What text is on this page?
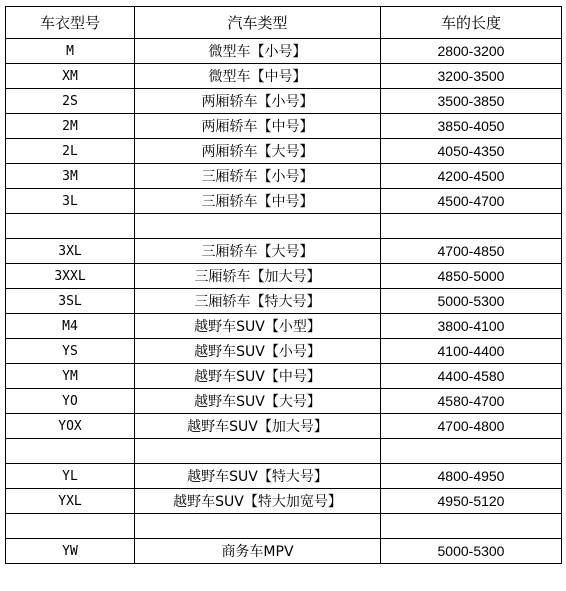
车衣型号	汽车类型	车的长度
M	微型车【小号】	2800-3200
XM	微型车【中号】	3200-3500
2S	两厢轿车【小号】	3500-3850
2M	两厢轿车【中号】	3850-4050
2L	两厢轿车【大号】	4050-4350
3M	三厢轿车【小号】	4200-4500
3L	三厢轿车【中号】	4500-4700

3XL	三厢轿车【大号】	4700-4850
3XXL	三厢轿车【加大号】	4850-5000
3SL	三厢轿车【特大号】	5000-5300
M4	越野车SUV【小型】	3800-4100
YS	越野车SUV【小号】	4100-4400
YM	越野车SUV【中号】	4400-4580
YO	越野车SUV【大号】	4580-4700
YOX	越野车SUV【加大号】	4700-4800

YL	越野车SUV【特大号】	4800-4950
YXL	越野车SUV【特大加宽号】	4950-5120

YW	商务车MPV	5000-5300
